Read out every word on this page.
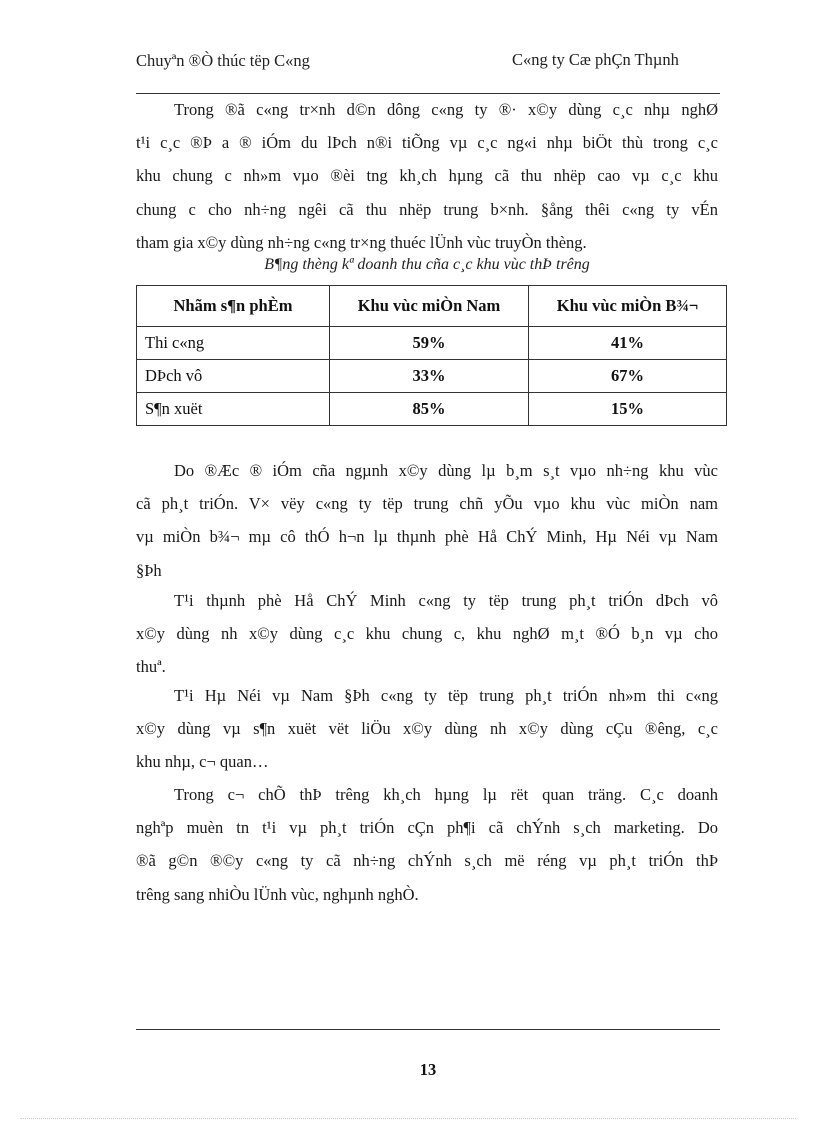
Chuyªn ®Ò thúc tëp C«ng	C«ng ty Cæ phÇn Thµnh
Trong ®ã c«ng tr×nh d©n dông c«ng ty ®· x©y dùng c¸c nhµ nghØ
t¹i c¸c ®Þ a ® iÓm du lÞch n®i tiÕng vµ c¸c ng«i nhµ biÖt thù trong c¸c
khu chung c nh»m vµo ®èi tng kh¸ch hµng cã thu nhëp cao vµ c¸c khu
chung c cho nh÷ng ngêi cã thu nhëp trung b×nh. §ång thêi c«ng ty vÉn
tham gia x©y dùng nh÷ng c«ng tr×ng thuéc lÜnh vùc truyÒn thèng.
B¶ng thèng kª doanh thu cña c¸c khu vùc thÞ trêng
Nhãm s¶n phÈm	Khu vùc miÒn Nam	Khu vùc miÒn B¾¬
Thi c«ng	59%	41%
DÞch vô	33%	67%
S¶n xuët	85%	15%
Do ®Æc ® iÓm cña ngµnh x©y dùng lµ b¸m s¸t vµo nh÷ng khu vùc
cã ph¸t triÓn. V× vëy c«ng ty tëp trung chñ yÕu vµo khu vùc miÒn nam
vµ miÒn b¾¬ mµ cô thÓ h¬n lµ thµnh phè Hå ChÝ Minh, Hµ Néi vµ Nam
§Þh
T¹i thµnh phè Hå ChÝ Minh c«ng ty tëp trung ph¸t triÓn dÞch vô
x©y dùng nh x©y dùng c¸c khu chung c, khu nghØ m¸t ®Ó b¸n vµ cho
thuª.
T¹i Hµ Néi vµ Nam §Þh c«ng ty tëp trung ph¸t triÓn nh»m thi c«ng
x©y dùng vµ s¶n xuët vët liÖu x©y dùng nh x©y dùng cÇu ®êng, c¸c
khu nhµ, c¬ quan…
Trong c¬ chÕ thÞ trêng kh¸ch hµng lµ rët quan träng. C¸c doanh
nghªp muèn tn t¹i vµ ph¸t triÓn cÇn ph¶i cã chÝnh s¸ch marketing. Do
®ã g©n ®©y c«ng ty cã nh÷ng chÝnh s¸ch më réng vµ ph¸t triÓn thÞ
trêng sang nhiÒu lÜnh vùc, nghµnh nghÒ.
13
